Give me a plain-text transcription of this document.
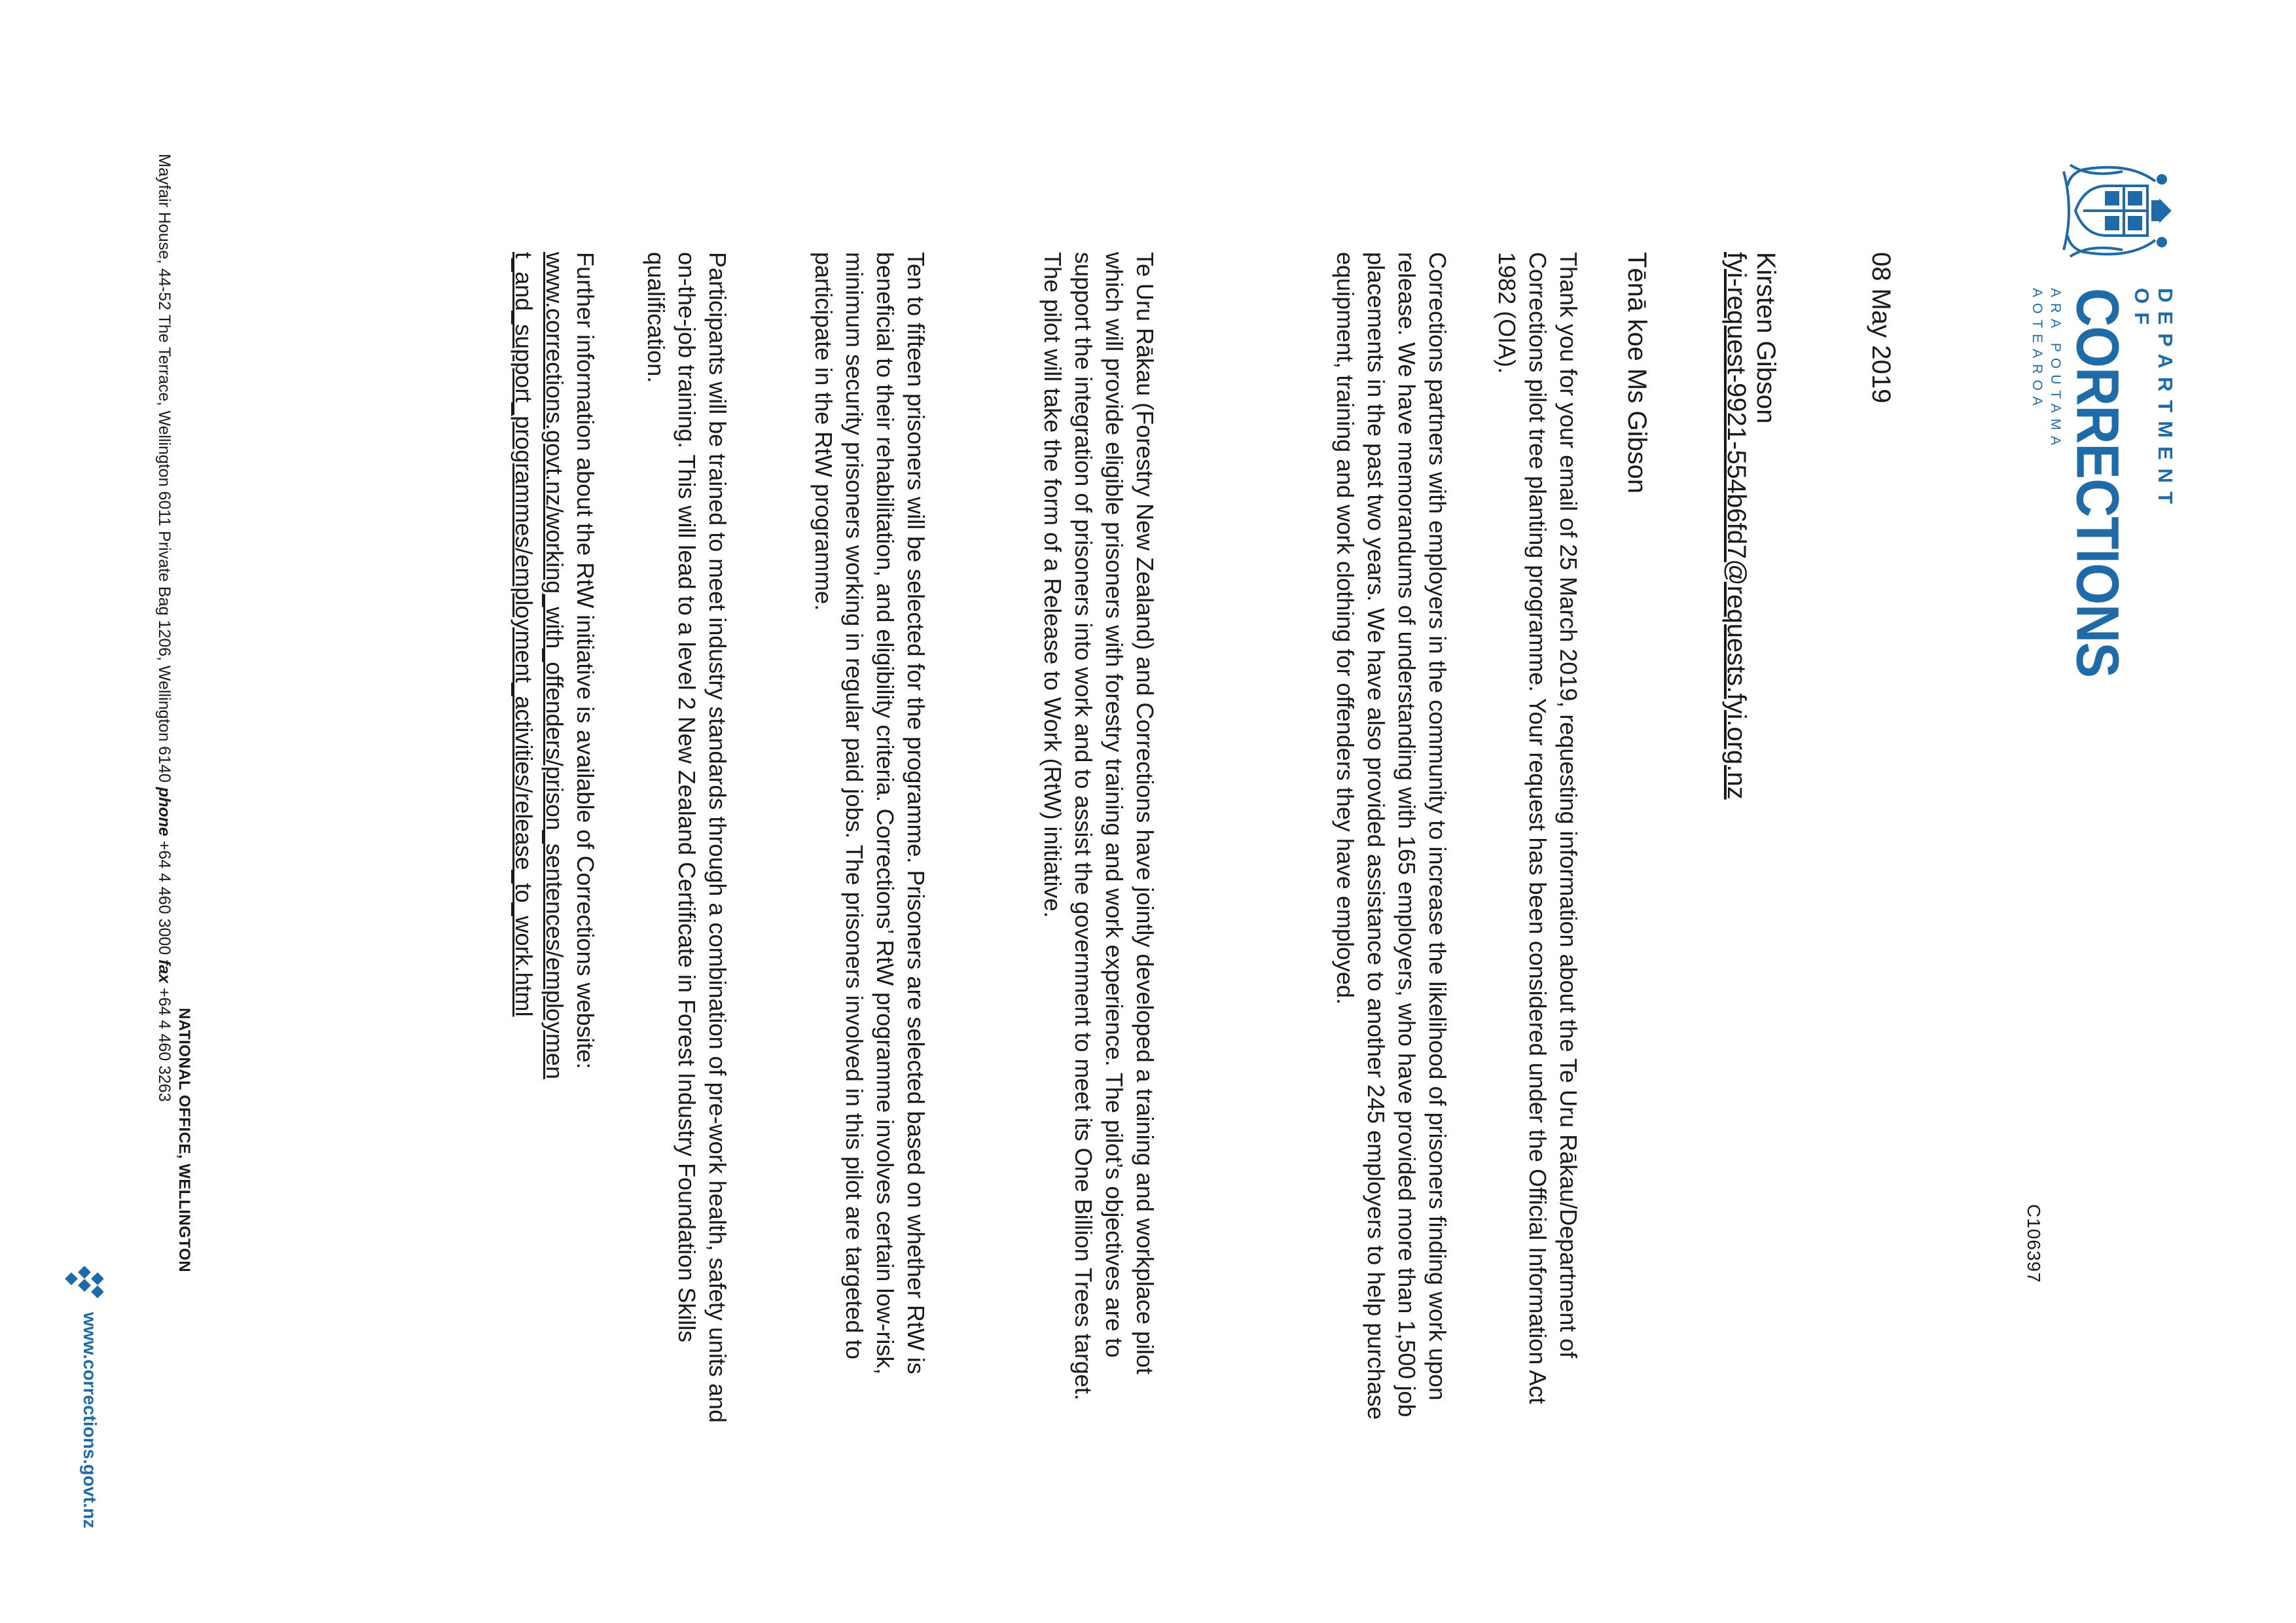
DEPARTMENT OF
CORRECTIONS
ARA POUTAMA AOTEAROA
C106397
08 May 2019
Kirsten Gibson
fyi-request-9921-554b6fd7@requests.fyi.org.nz
Tēnā koe Ms Gibson
Thank you for your email of 25 March 2019, requesting information about the Te Uru Rākau/Department of Corrections pilot tree planting programme. Your request has been considered under the Official Information Act 1982 (OIA).
Corrections partners with employers in the community to increase the likelihood of prisoners finding work upon release. We have memorandums of understanding with 165 employers, who have provided more than 1,500 job placements in the past two years. We have also provided assistance to another 245 employers to help purchase equipment, training and work clothing for offenders they have employed.
Te Uru Rākau (Forestry New Zealand) and Corrections have jointly developed a training and workplace pilot which will provide eligible prisoners with forestry training and work experience. The pilot’s objectives are to support the integration of prisoners into work and to assist the government to meet its One Billion Trees target. The pilot will take the form of a Release to Work (RtW) initiative.
Ten to fifteen prisoners will be selected for the programme. Prisoners are selected based on whether RtW is beneficial to their rehabilitation, and eligibility criteria. Corrections’ RtW programme involves certain low-risk, minimum security prisoners working in regular paid jobs. The prisoners involved in this pilot are targeted to participate in the RtW programme.
Participants will be trained to meet industry standards through a combination of pre-work health, safety units and on-the-job training. This will lead to a level 2 New Zealand Certificate in Forest Industry Foundation Skills qualification.
Further information about the RtW initiative is available of Corrections website:
www.corrections.govt.nz/working_with_offenders/prison_sentences/employmen
t_and_support_programmes/employment_activities/release_to_work.html
NATIONAL OFFICE, WELLINGTON
Mayfair House, 44-52 The Terrace, Wellington 6011 Private Bag 1206, Wellington 6140 phone +64 4 460 3000 fax +64 4 460 3263
www.corrections.govt.nz
